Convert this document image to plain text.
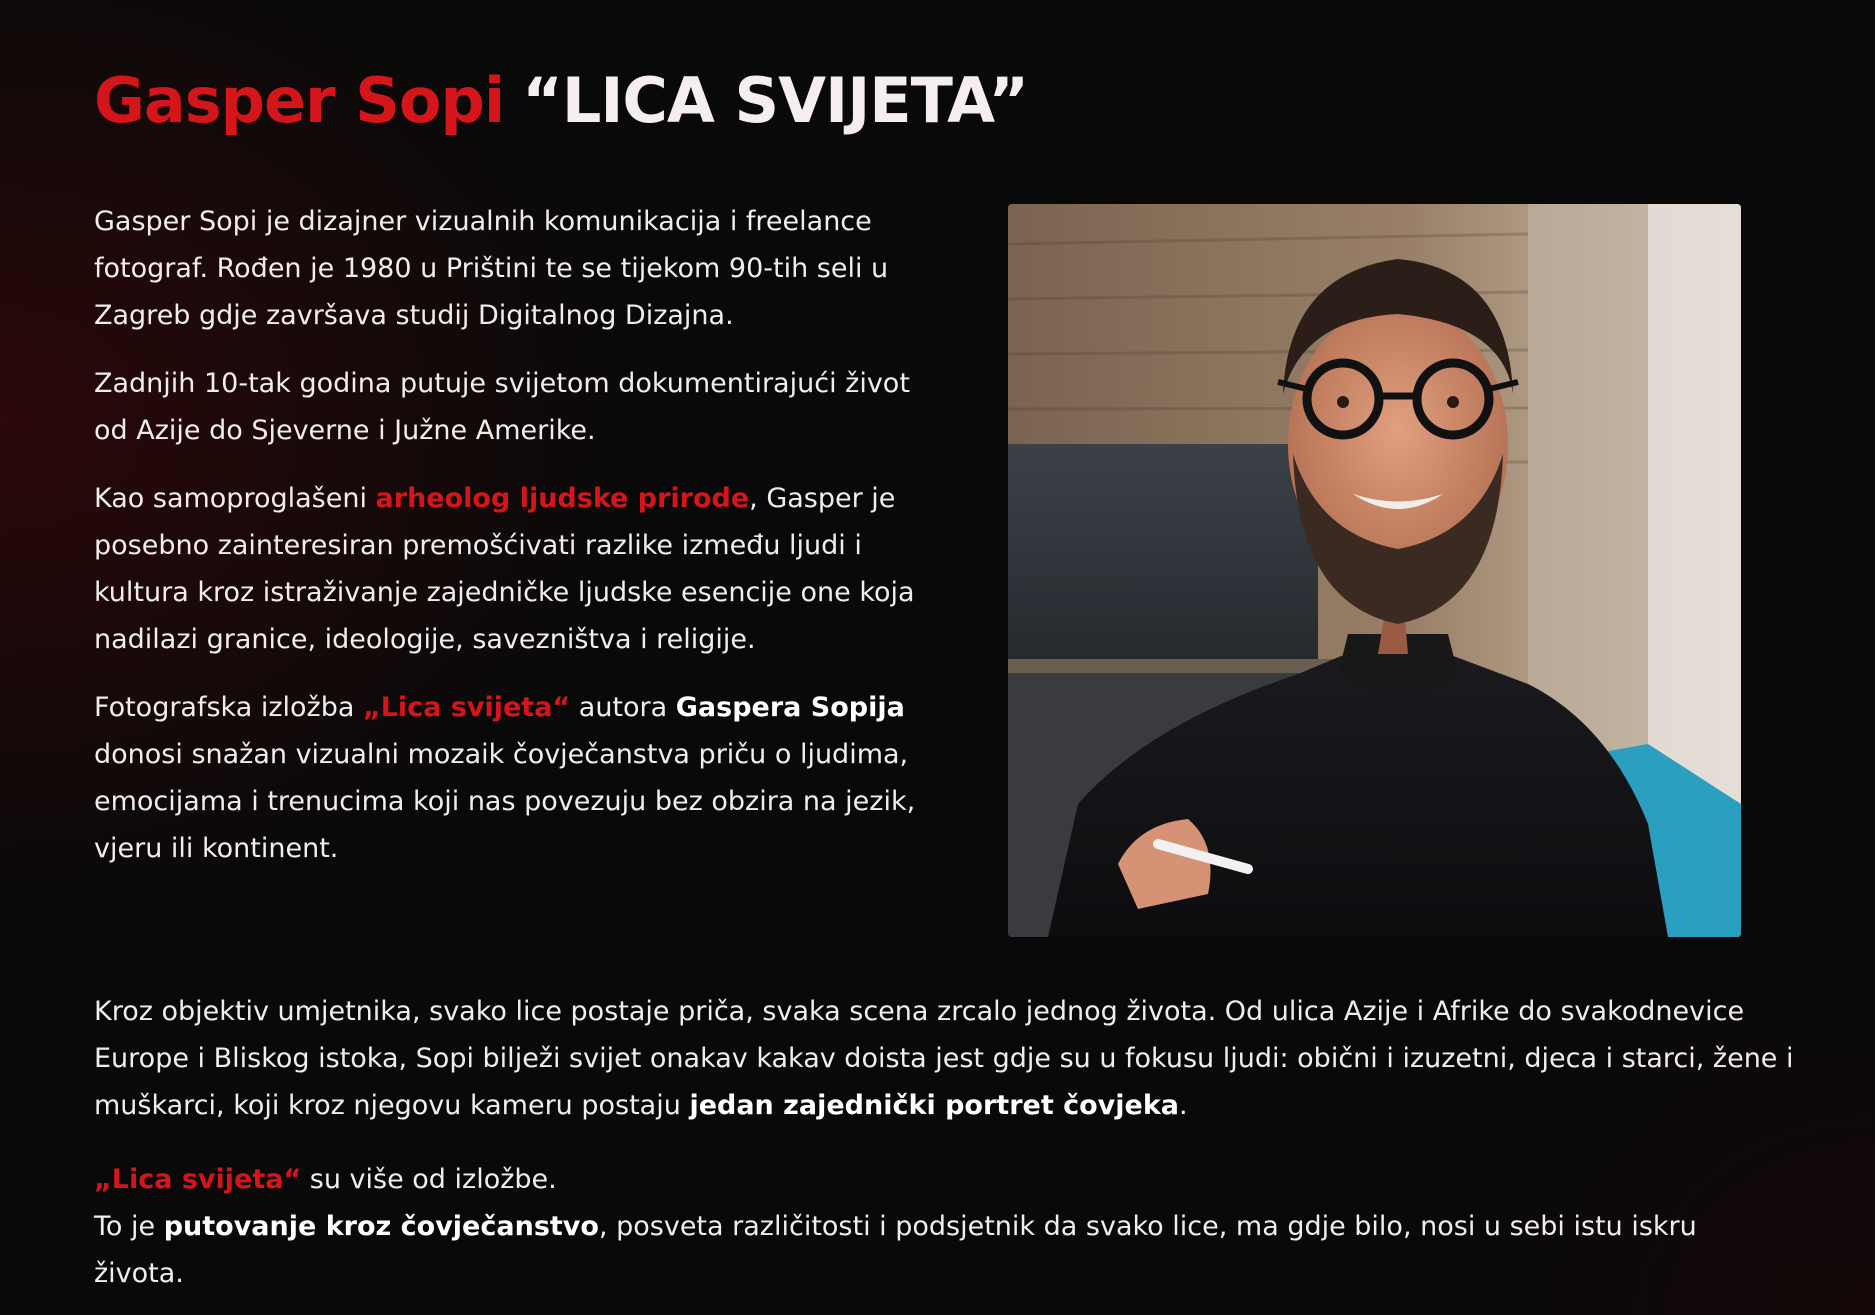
Gasper Sopi “LICA SVIJETA”

Gasper Sopi je dizajner vizualnih komunikacija i freelance fotograf. Rođen je 1980 u Prištini te se tijekom 90-tih seli u Zagreb gdje završava studij Digitalnog Dizajna.

Zadnjih 10-tak godina putuje svijetom dokumentirajući život od Azije do Sjeverne i Južne Amerike.

Kao samoproglašeni arheolog ljudske prirode, Gasper je posebno zainteresiran premošćivati razlike između ljudi i kultura kroz istraživanje zajedničke ljudske esencije one koja nadilazi granice, ideologije, savezništva i religije.

Fotografska izložba „Lica svijeta“ autora Gaspera Sopija donosi snažan vizualni mozaik čovječanstva priču o ljudima, emocijama i trenucima koji nas povezuju bez obzira na jezik, vjeru ili kontinent.

Kroz objektiv umjetnika, svako lice postaje priča, svaka scena zrcalo jednog života. Od ulica Azije i Afrike do svakodnevice Europe i Bliskog istoka, Sopi bilježi svijet onakav kakav doista jest gdje su u fokusu ljudi: obični i izuzetni, djeca i starci, žene i muškarci, koji kroz njegovu kameru postaju jedan zajednički portret čovjeka.

„Lica svijeta“ su više od izložbe.
To je putovanje kroz čovječanstvo, posveta različitosti i podsjetnik da svako lice, ma gdje bilo, nosi u sebi istu iskru života.
